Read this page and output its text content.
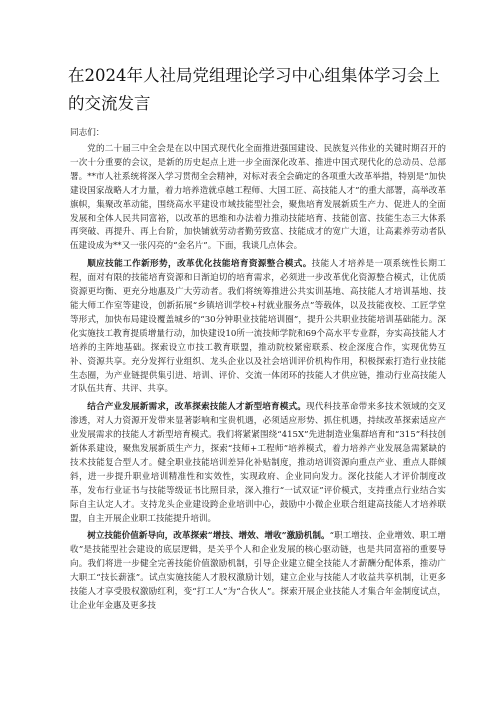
在2024年人社局党组理论学习中心组集体学习会上的交流发言

同志们：

党的二十届三中全会是在以中国式现代化全面推进强国建设、民族复兴伟业的关键时期召开的一次十分重要的会议，是新的历史起点上进一步全面深化改革、推进中国式现代化的总动员、总部署。**市人社系统将深入学习贯彻全会精神，对标对表全会确定的各项重大改革举措，特别是“加快建设国家战略人才力量，着力培养造就卓越工程师、大国工匠、高技能人才”的重大部署，高举改革旗帜，集聚改革动能，围绕高水平建设市域技能型社会，聚焦培育发展新质生产力、促进人的全面发展和全体人民共同富裕，以改革的思维和办法着力推动技能培育、技能创富、技能生态三大体系再突破、再提升、再上台阶，加快铺就劳动者勤劳致富、技能成才的宽广大道，让高素养劳动者队伍建设成为**又一张闪亮的“金名片”。下面，我谈几点体会。

顺应技能工作新形势，改革优化技能培育资源整合模式。技能人才培养是一项系统性长期工程，面对有限的技能培育资源和日渐迫切的培育需求，必须进一步改革优化资源整合模式，让优质资源更均衡、更充分地惠及广大劳动者。我们将统筹推进公共实训基地、高技能人才培训基地、技能大师工作室等建设，创新拓展“乡镇培训学校+村就业服务点”等载体，以及技能夜校、工匠学堂等形式，加快布局建设覆盖城乡的“30分钟职业技能培训圈”，提升公共职业技能培训基础能力。深化实施技工教育提质增量行动，加快建设10所一流技师学院和69个高水平专业群，夯实高技能人才培养的主阵地基础。探索设立市技工教育联盟，推动院校紧密联系、校企深度合作，实现优势互补、资源共享。充分发挥行业组织、龙头企业以及社会培训评价机构作用，积极探索打造行业技能生态圈，为产业链提供集引进、培训、评价、交流一体闭环的技能人才供应链，推动行业高技能人才队伍共育、共评、共享。

结合产业发展新需求，改革探索技能人才新型培育模式。现代科技革命带来多技术领域的交叉渗透，对人力资源开发带来显著影响和宝贵机遇，必须适应形势、抓住机遇，持续改革探索适应产业发展需求的技能人才新型培育模式。我们将紧紧围绕“415X”先进制造业集群培育和“315”科技创新体系建设，聚焦发展新质生产力，探索“技师+工程师”培养模式，着力培养产业发展急需紧缺的技术技能复合型人才。健全职业技能培训差异化补贴制度，推动培训资源向重点产业、重点人群倾斜，进一步提升职业培训精准性和实效性，实现政府、企业同向发力。深化技能人才评价制度改革，发布行业证书与技能等级证书比照目录，深入推行“一试双证”评价模式，支持重点行业结合实际自主认定人才。支持龙头企业建设跨企业培训中心，鼓励中小微企业联合组建高技能人才培养联盟，自主开展企业职工技能提升培训。

树立技能价值新导向，改革探索“增技、增效、增收”激励机制。“职工增技、企业增效、职工增收”是技能型社会建设的底层逻辑，是关乎个人和企业发展的核心驱动链，也是共同富裕的重要导向。我们将进一步健全完善技能价值激励机制，引导企业建立健全技能人才薪酬分配体系，推动广大职工“技长薪涨”。试点实施技能人才股权激励计划，建立企业与技能人才收益共享机制，让更多技能人才享受股权激励红利，变“打工人”为“合伙人”。探索开展企业技能人才集合年金制度试点，让企业年金惠及更多技
